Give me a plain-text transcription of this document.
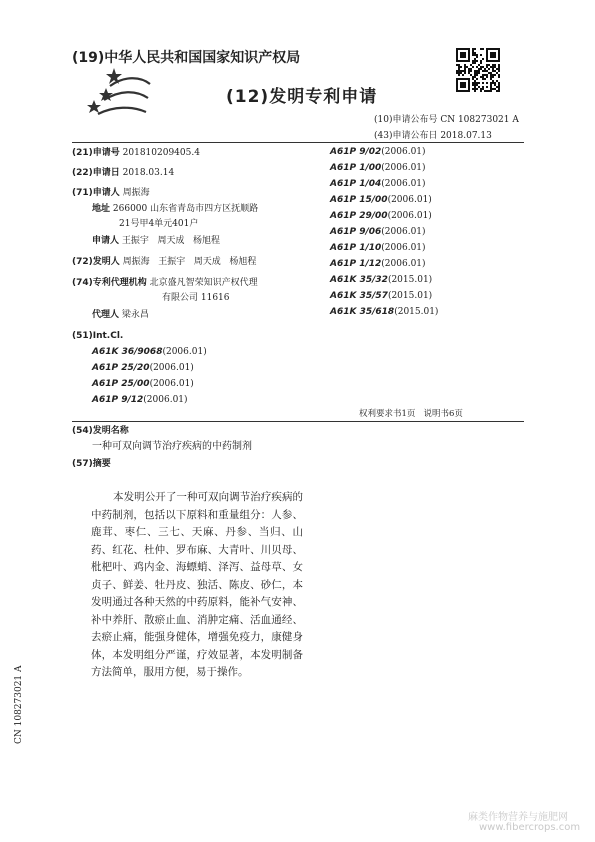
(19)中华人民共和国国家知识产权局
(12)发明专利申请
(10)申请公布号 CN 108273021 A
(43)申请公布日 2018.07.13
(21)申请号 201810209405.4
(22)申请日 2018.03.14
(71)申请人 周振海
地址 266000 山东省青岛市四方区抚顺路
21号甲4单元401户
申请人 王振宇   周天成   杨旭程
(72)发明人 周振海   王振宇   周天成   杨旭程
(74)专利代理机构 北京盛凡智荣知识产权代理
有限公司 11616
代理人 梁永昌
(51)Int.Cl.
A61K 36/9068(2006.01)
A61P 25/20(2006.01)
A61P 25/00(2006.01)
A61P 9/12(2006.01)
A61P 9/02(2006.01)
A61P 1/00(2006.01)
A61P 1/04(2006.01)
A61P 15/00(2006.01)
A61P 29/00(2006.01)
A61P 9/06(2006.01)
A61P 1/10(2006.01)
A61P 1/12(2006.01)
A61K 35/32(2015.01)
A61K 35/57(2015.01)
A61K 35/618(2015.01)
权利要求书1页   说明书6页
(54)发明名称
一种可双向调节治疗疾病的中药制剂
(57)摘要

本发明公开了一种可双向调节治疗疾病的中药制剂，包括以下原料和重量组分：人参、鹿茸、枣仁、三七、天麻、丹参、当归、山药、红花、杜仲、罗布麻、大青叶、川贝母、枇杷叶、鸡内金、海螵蛸、泽泻、益母草、女贞子、鲜姜、牡丹皮、独活、陈皮、砂仁，本发明通过各种天然的中药原料，能补气安神、补中养肝、散瘀止血、消肿定痛、活血通经、去瘀止痛，能强身健体，增强免疫力，康健身体，本发明组分严谨，疗效显著，本发明制备方法简单，服用方便，易于操作。

CN 108273021 A
麻类作物营养与施肥网
www.fibercrops.com
